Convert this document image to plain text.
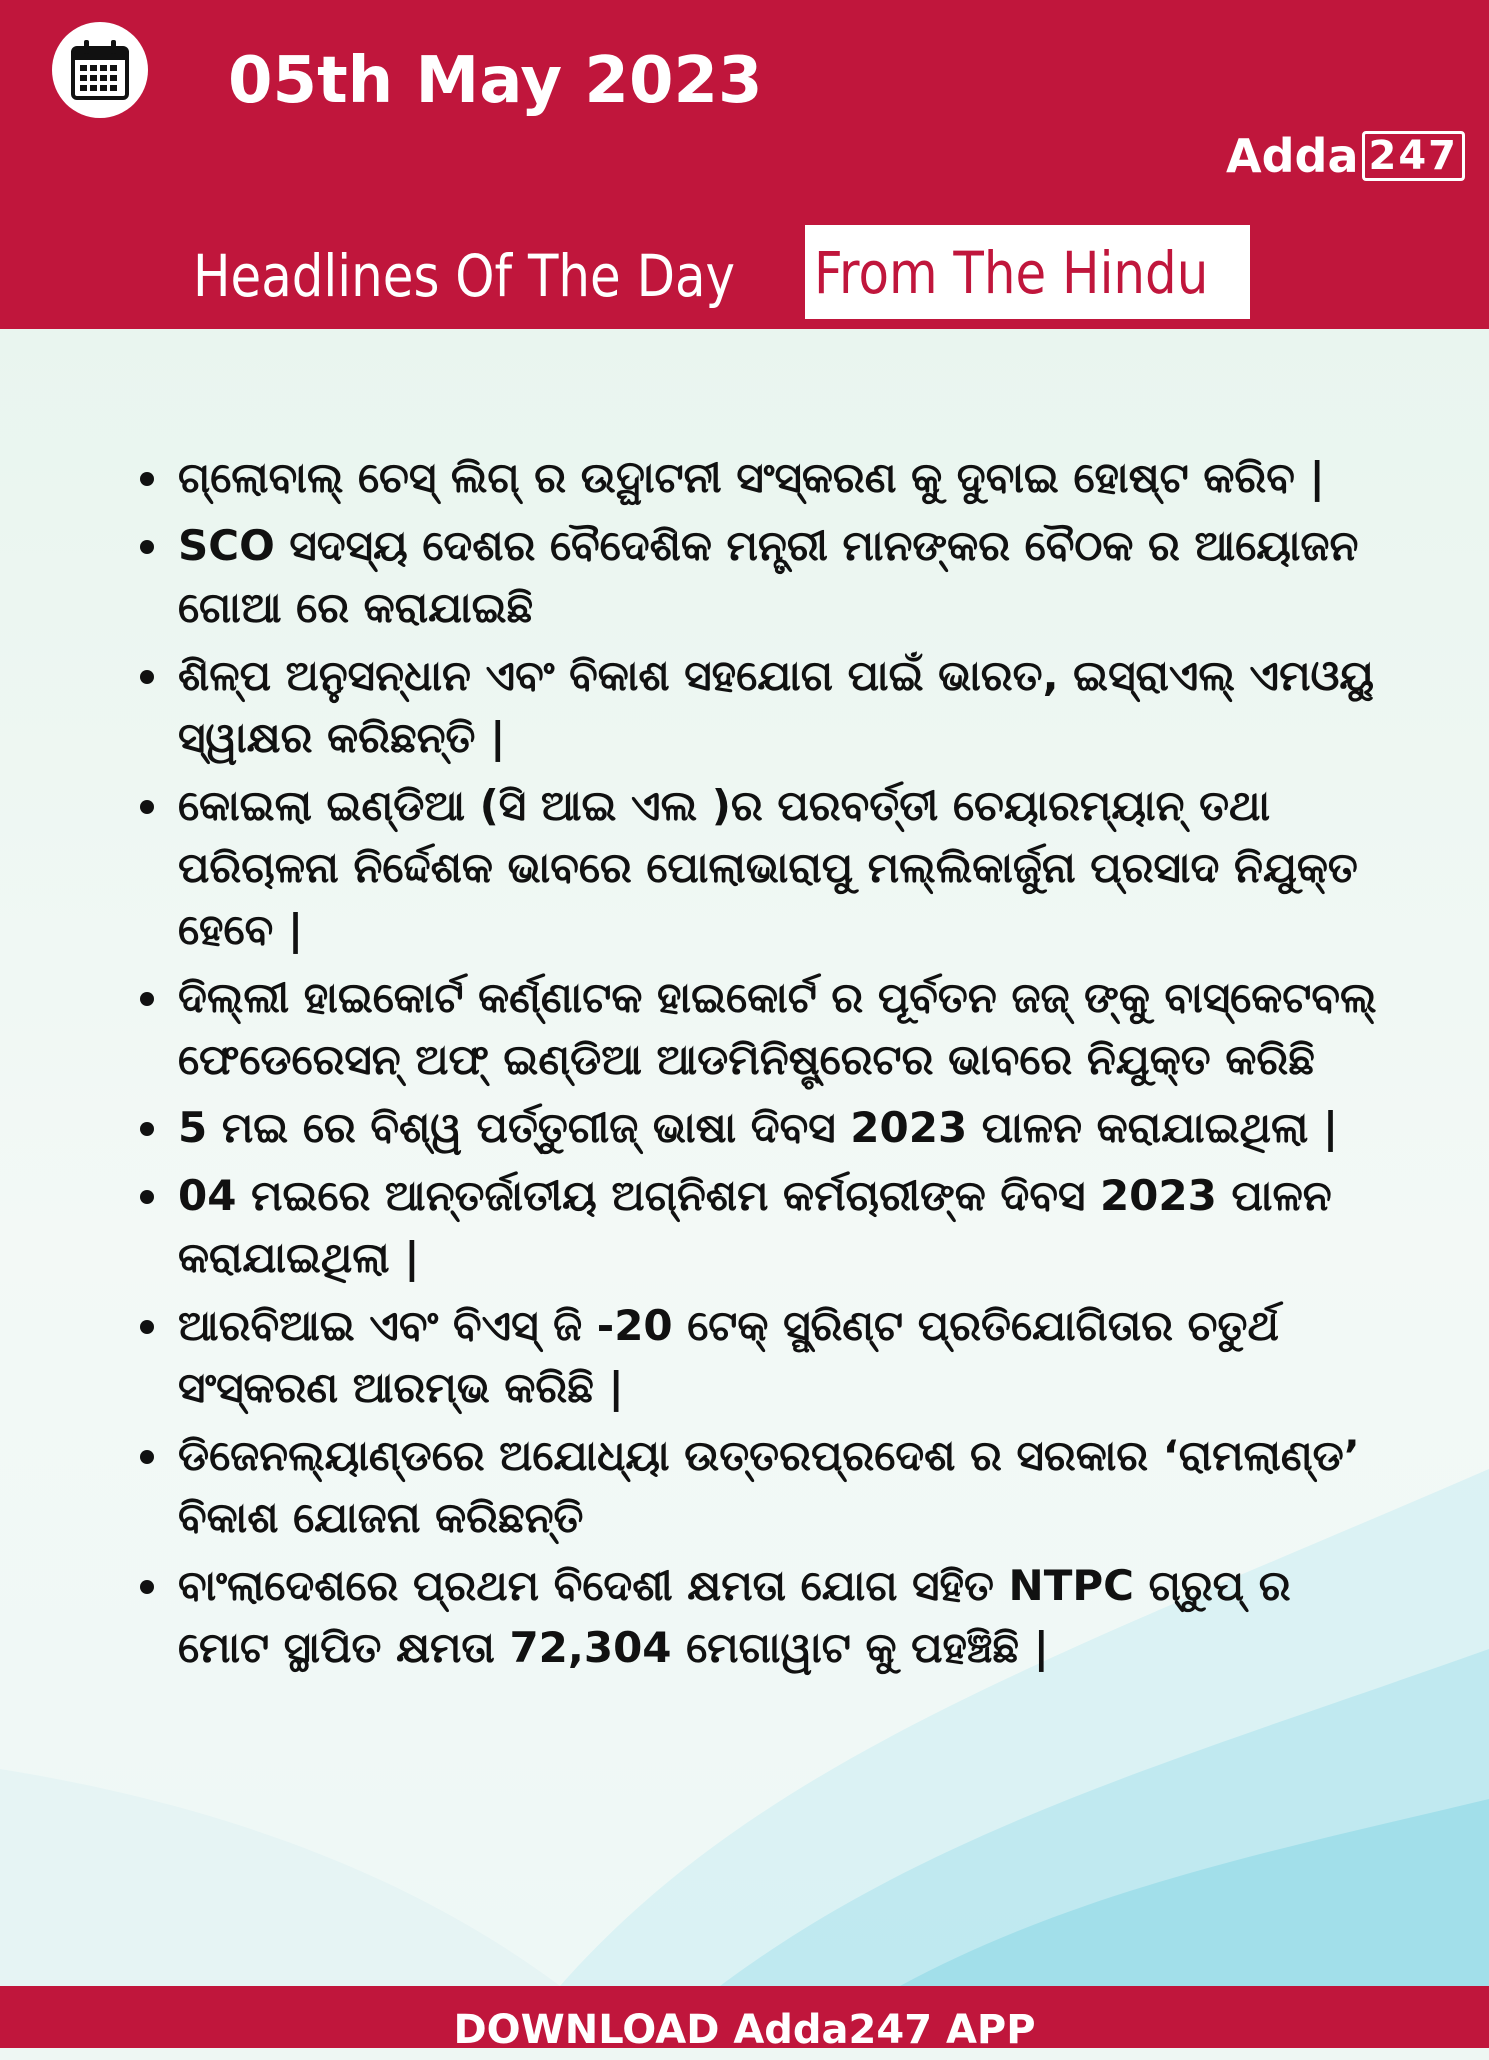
05th May 2023
Adda 247
Headlines Of The Day From The Hindu
ଗ୍ଲୋବାଲ୍ ଚେସ୍ ଲିଗ୍ ର ଉଦ୍ଘାଟନୀ ସଂସ୍କରଣ କୁ ଦୁବାଇ ହୋଷ୍ଟ କରିବ |
SCO ସଦସ୍ୟ ଦେଶର ବୈଦେଶିକ ମନ୍ତ୍ରୀ ମାନଙ୍କର ବୈଠକ ର ଆୟୋଜନ ଗୋଆ ରେ କରାଯାଇଛି
ଶିଳ୍ପ ଅନୁସନ୍ଧାନ ଏବଂ ବିକାଶ ସହଯୋଗ ପାଇଁ ଭାରତ, ଇସ୍ରାଏଲ୍ ଏମଓୟୁ ସ୍ୱାକ୍ଷର କରିଛନ୍ତି |
କୋଇଲା ଇଣ୍ଡିଆ (ସି ଆଇ ଏଲ )ର ପରବର୍ତ୍ତୀ ଚେୟାରମ୍ୟାନ୍ ତଥା ପରିଚାଳନା ନିର୍ଦ୍ଦେଶକ ଭାବରେ ପୋଲାଭାରାପୁ ମଲ୍ଲିକାର୍ଜୁନା ପ୍ରସାଦ ନିଯୁକ୍ତ ହେବେ |
ଦିଲ୍ଲୀ ହାଇକୋର୍ଟ କର୍ଣ୍ଣାଟକ ହାଇକୋର୍ଟ ର ପୂର୍ବତନ ଜଜ୍ ଙ୍କୁ ବାସ୍କେଟବଲ୍ ଫେଡେରେସନ୍ ଅଫ୍ ଇଣ୍ଡିଆ ଆଡମିନିଷ୍ଟ୍ରେଟର ଭାବରେ ନିଯୁକ୍ତ କରିଛି
5 ମଇ ରେ ବିଶ୍ୱ ପର୍ତ୍ତୁଗୀଜ୍ ଭାଷା ଦିବସ 2023 ପାଳନ କରାଯାଇଥିଲା |
04 ମଇରେ ଆନ୍ତର୍ଜାତୀୟ ଅଗ୍ନିଶମ କର୍ମଚାରୀଙ୍କ ଦିବସ 2023 ପାଳନ କରାଯାଇଥିଲା |
ଆରବିଆଇ ଏବଂ ବିଏସ୍ ଜି -20 ଟେକ୍ ସ୍ପ୍ରିଣ୍ଟ ପ୍ରତିଯୋଗିତାର ଚତୁର୍ଥ ସଂସ୍କରଣ ଆରମ୍ଭ କରିଛି |
ଡିଜେନଲ୍ୟାଣ୍ଡରେ ଅଯୋଧ୍ୟା ଉତ୍ତରପ୍ରଦେଶ ର ସରକାର ‘ରାମଲାଣ୍ଡ’ ବିକାଶ ଯୋଜନା କରିଛନ୍ତି
ବାଂଲାଦେଶରେ ପ୍ରଥମ ବିଦେଶୀ କ୍ଷମତା ଯୋଗ ସହିତ NTPC ଗ୍ରୁପ୍ ର ମୋଟ ସ୍ଥାପିତ କ୍ଷମତା 72,304 ମେଗାୱାଟ କୁ ପହଞ୍ଚିଛି |
DOWNLOAD Adda247 APP
